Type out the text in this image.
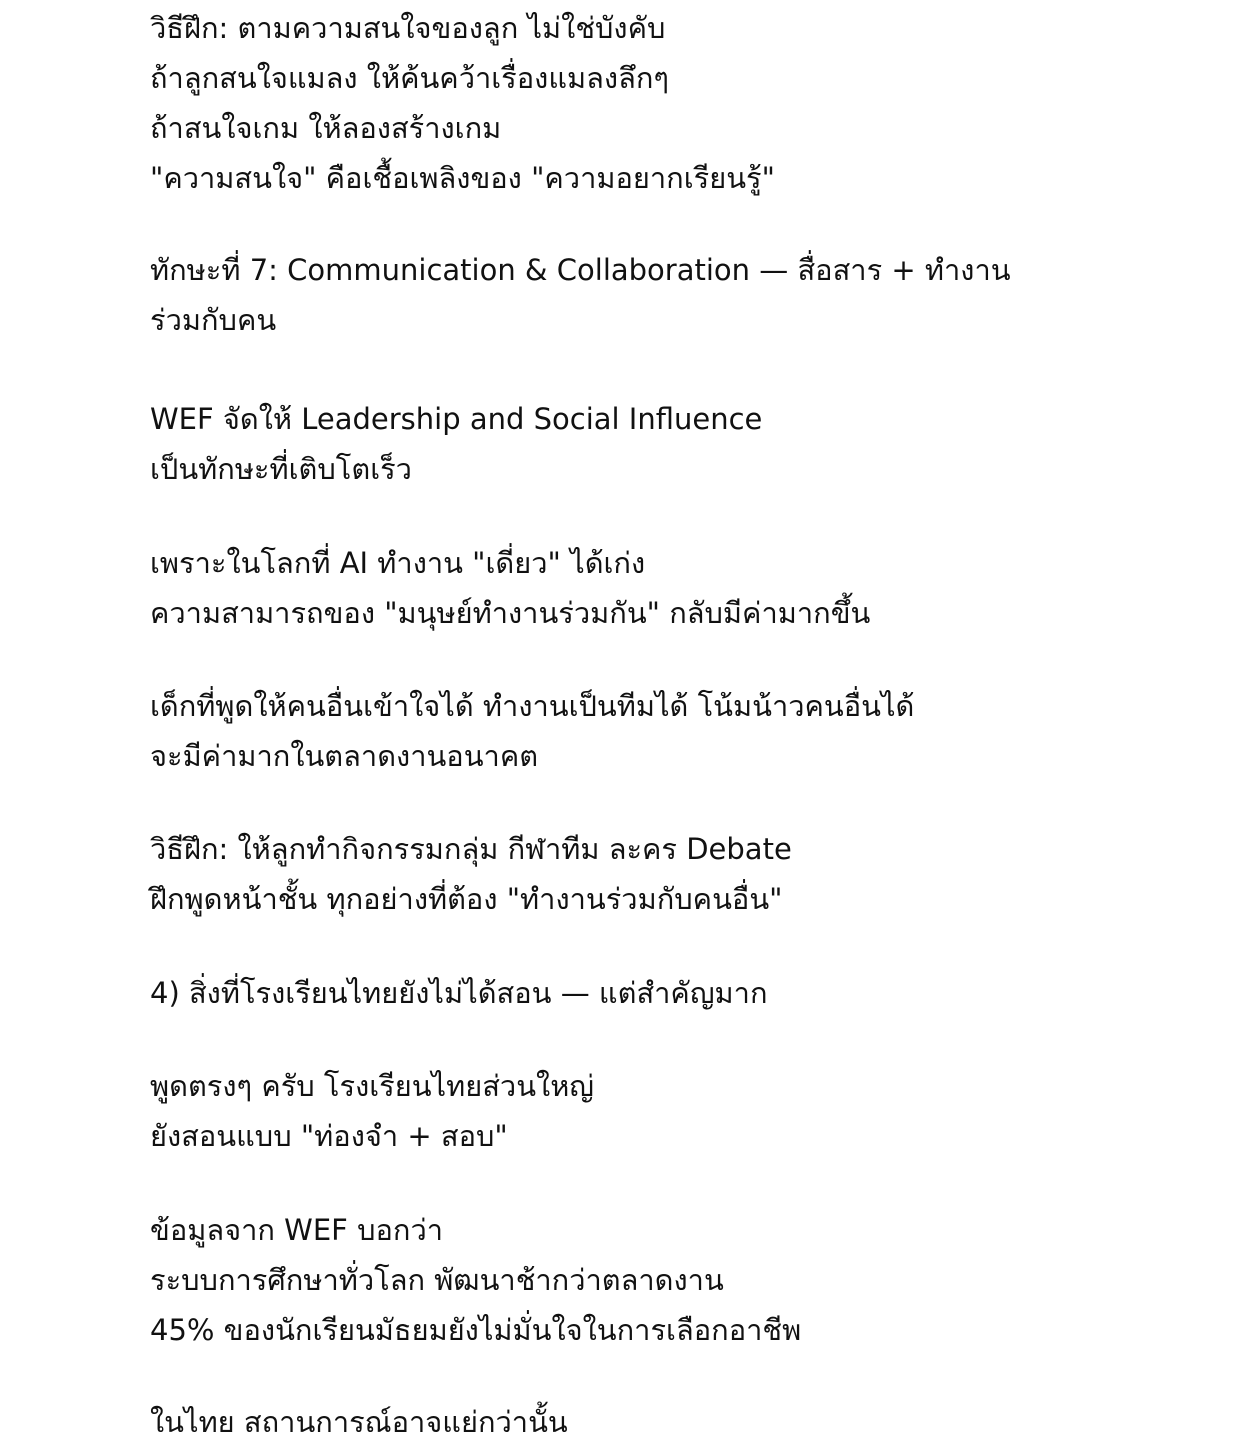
วิธีฝึก: ตามความสนใจของลูก ไม่ใช่บังคับ
ถ้าลูกสนใจแมลง ให้ค้นคว้าเรื่องแมลงลึกๆ
ถ้าสนใจเกม ให้ลองสร้างเกม
"ความสนใจ" คือเชื้อเพลิงของ "ความอยากเรียนรู้"
ทักษะที่ 7: Communication & Collaboration — สื่อสาร + ทำงาน
ร่วมกับคน
WEF จัดให้ Leadership and Social Influence
เป็นทักษะที่เติบโตเร็ว
เพราะในโลกที่ AI ทำงาน "เดี่ยว" ได้เก่ง
ความสามารถของ "มนุษย์ทำงานร่วมกัน" กลับมีค่ามากขึ้น
เด็กที่พูดให้คนอื่นเข้าใจได้ ทำงานเป็นทีมได้ โน้มน้าวคนอื่นได้
จะมีค่ามากในตลาดงานอนาคต
วิธีฝึก: ให้ลูกทำกิจกรรมกลุ่ม กีฬาทีม ละคร Debate
ฝึกพูดหน้าชั้น ทุกอย่างที่ต้อง "ทำงานร่วมกับคนอื่น"
4) สิ่งที่โรงเรียนไทยยังไม่ได้สอน — แต่สำคัญมาก
พูดตรงๆ ครับ โรงเรียนไทยส่วนใหญ่
ยังสอนแบบ "ท่องจำ + สอบ"
ข้อมูลจาก WEF บอกว่า
ระบบการศึกษาทั่วโลก พัฒนาช้ากว่าตลาดงาน
45% ของนักเรียนมัธยมยังไม่มั่นใจในการเลือกอาชีพ
ในไทย สถานการณ์อาจแย่กว่านั้น
